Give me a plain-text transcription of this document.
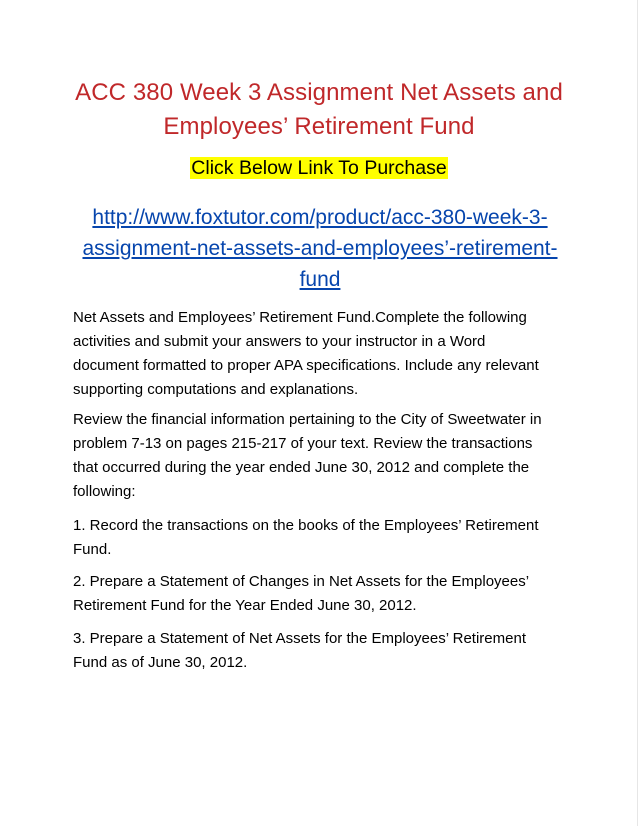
ACC 380 Week 3 Assignment Net Assets and
Employees’ Retirement Fund
Click Below Link To Purchase
http://www.foxtutor.com/product/acc-380-week-3-
assignment-net-assets-and-employees’-retirement-
fund

Net Assets and Employees’ Retirement Fund.Complete the following
activities and submit your answers to your instructor in a Word
document formatted to proper APA specifications. Include any relevant
supporting computations and explanations.

Review the financial information pertaining to the City of Sweetwater in
problem 7-13 on pages 215-217 of your text. Review the transactions
that occurred during the year ended June 30, 2012 and complete the
following:

1. Record the transactions on the books of the Employees’ Retirement
Fund.

2. Prepare a Statement of Changes in Net Assets for the Employees’
Retirement Fund for the Year Ended June 30, 2012.

3. Prepare a Statement of Net Assets for the Employees’ Retirement
Fund as of June 30, 2012.
